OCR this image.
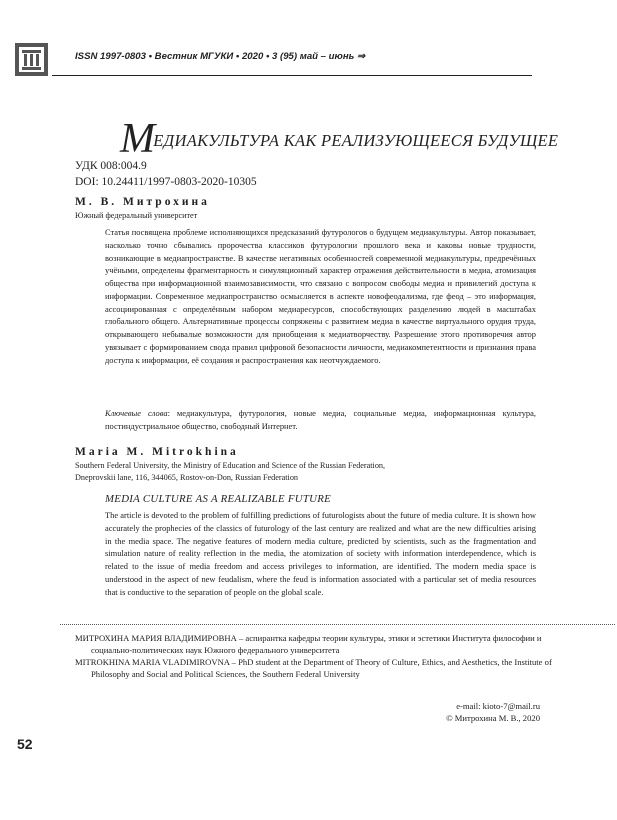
ISSN 1997-0803 • Вестник МГУКИ • 2020 • 3 (95) май – июнь ⇒
МЕДИАКУЛЬТУРА КАК РЕАЛИЗУЮЩЕЕСЯ БУДУЩЕЕ
УДК 008:004.9
DOI: 10.24411/1997-0803-2020-10305
М. В. Митрохина
Южный федеральный университет

Статья посвящена проблеме исполняющихся предсказаний футурологов о будущем медиакультуры. Автор показывает, насколько точно сбывались пророчества классиков футурологии прошлого века и каковы новые трудности, возникающие в медиапространстве. В качестве негативных особенностей современной медиакультуры, предречённых учёными, определены фрагментарность и симуляционный характер отражения действительности в медиа, атомизация общества при информационной взаимозависимости, что связано с вопросом свободы медиа и привилегий доступа к информации. Современное медиапространство осмысляется в аспекте новофеодализма, где феод – это информация, ассоциированная с определённым набором медиаресурсов, способствующих разделению людей в масштабах глобального общего. Альтернативные процессы сопряжены с развитием медиа в качестве виртуального орудия труда, открывающего небывалые возможности для приобщения к медиатворчеству. Разрешение этого противоречия автор увязывает с формированием свода правил цифровой безопасности личности, медиакомпетентности и признания права доступа к информации, её создания и распространения как неотчуждаемого.

Ключевые слова: медиакультура, футурология, новые медиа, социальные медиа, информационная культура, постиндустриальное общество, свободный Интернет.

Maria M. Mitrokhina
Southern Federal University, the Ministry of Education and Science of the Russian Federation,
Dneprovskii lane, 116, 344065, Rostov-on-Don, Russian Federation
MEDIA CULTURE AS A REALIZABLE FUTURE

The article is devoted to the problem of fulfilling predictions of futurologists about the future of media culture. It is shown how accurately the prophecies of the classics of futurology of the last century are realized and what are the new difficulties arising in the media space. The negative features of modern media culture, predicted by scientists, such as the fragmentation and simulation nature of reality reflection in the media, the atomization of society with information interdependence, which is related to the issue of media freedom and access privileges to information, are identified. The modern media space is understood in the aspect of new feudalism, where the feud is information associated with a particular set of media resources that is conductive to the separation of people on the global scale.

МИТРОХИНА МАРИЯ ВЛАДИМИРОВНА – аспирантка кафедры теории культуры, этики и эстетики Института философии и социально-политических наук Южного федерального университета

MITROKHINA MARIA VLADIMIROVNA – PhD student at the Department of Theory of Culture, Ethics, and Aesthetics, the Institute of Philosophy and Social and Political Sciences, the Southern Federal University

e-mail: kioto-7@mail.ru
© Митрохина М. В., 2020
52
